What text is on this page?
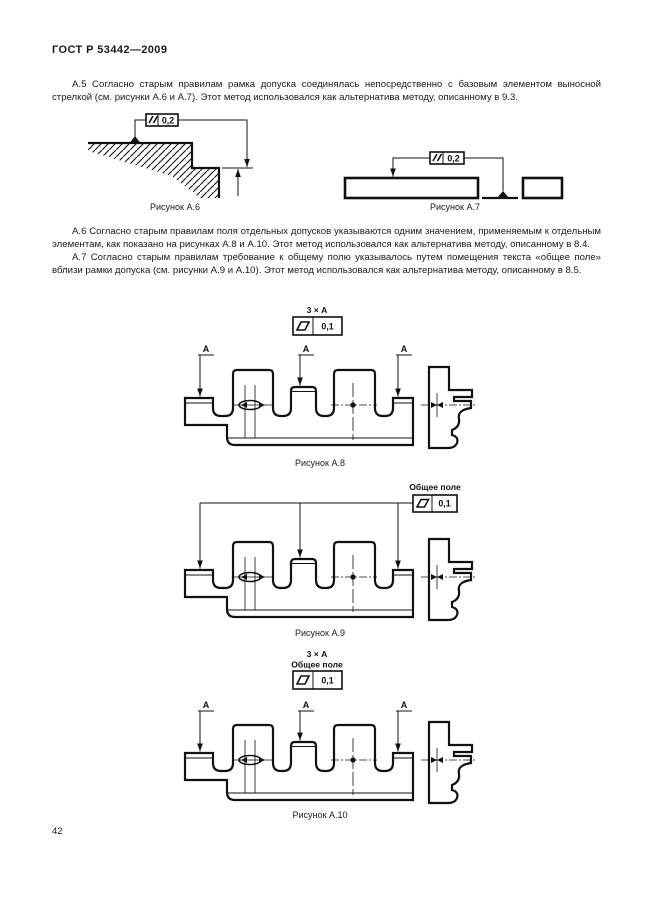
ГОСТ Р 53442—2009

А.5 Согласно старым правилам рамка допуска соединялась непосредственно с базовым элементом выносной стрелкой (см. рисунки А.6 и А.7). Этот метод использовался как альтернатива методу, описанному в 9.3.

0,2
Рисунок А.6
0,2
Рисунок А.7

А.6 Согласно старым правилам поля отдельных допусков указываются одним значением, применяемым к отдельным элементам, как показано на рисунках А.8 и А.10. Этот метод использовался как альтернатива методу, описанному в 8.4.

А.7 Согласно старым правилам требование к общему полю указывалось путем помещения текста «общее поле» вблизи рамки допуска (см. рисунки А.9 и А.10). Этот метод использовался как альтернатива методу, описанному в 8.5.

3 × А
0,1
А	А	А
Рисунок А.8
Общее поле
0,1
Рисунок А.9
3 × А
Общее поле
0,1
А	А	А
Рисунок А.10
42
